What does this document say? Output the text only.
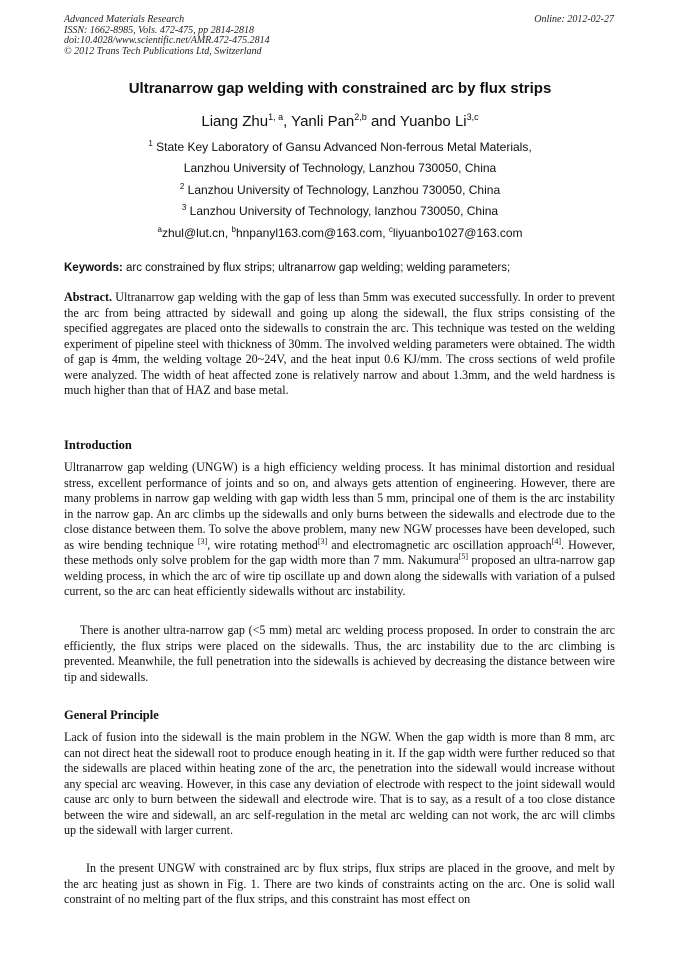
Advanced Materials Research
ISSN: 1662-8985, Vols. 472-475, pp 2814-2818
doi:10.4028/www.scientific.net/AMR.472-475.2814
© 2012 Trans Tech Publications Ltd, Switzerland
Online: 2012-02-27
Ultranarrow gap welding with constrained arc by flux strips
Liang Zhu$^{1, a}$, Yanli Pan$^{2,b}$ and Yuanbo Li$^{3,c}$
$^1$ State Key Laboratory of Gansu Advanced Non-ferrous Metal Materials,
Lanzhou University of Technology, Lanzhou 730050, China
$^2$ Lanzhou University of Technology, Lanzhou 730050, China
$^3$ Lanzhou University of Technology, lanzhou 730050, China
$^a$zhul@lut.cn, $^b$hnpanyl163.com@163.com, $^c$liyuanbo1027@163.com
Keywords: arc constrained by flux strips; ultranarrow gap welding; welding parameters;
Abstract. Ultranarrow gap welding with the gap of less than 5mm was executed successfully. In order to prevent the arc from being attracted by sidewall and going up along the sidewall, the flux strips consisting of the specified aggregates are placed onto the sidewalls to constrain the arc. This technique was tested on the welding experiment of pipeline steel with thickness of 30mm. The involved welding parameters were obtained. The width of gap is 4mm, the welding voltage 20~24V, and the heat input 0.6 KJ/mm. The cross sections of weld profile were analyzed. The width of heat affected zone is relatively narrow and about 1.3mm, and the weld hardness is much higher than that of HAZ and base metal.
Introduction
Ultranarrow gap welding (UNGW) is a high efficiency welding process. It has minimal distortion and residual stress, excellent performance of joints and so on, and always gets attention of engineering. However, there are many problems in narrow gap welding with gap width less than 5 mm, principal one of them is the arc instability in the narrow gap. An arc climbs up the sidewalls and only burns between the sidewalls and electrode due to the close distance between them. To solve the above problem, many new NGW processes have been developed, such as wire bending technique [3], wire rotating method[3] and electromagnetic arc oscillation approach[4]. However, these methods only solve problem for the gap width more than 7 mm. Nakumura[5] proposed an ultra-narrow gap welding process, in which the arc of wire tip oscillate up and down along the sidewalls with variation of a pulsed current, so the arc can heat efficiently sidewalls without arc instability.
There is another ultra-narrow gap (<5 mm) metal arc welding process proposed. In order to constrain the arc efficiently, the flux strips were placed on the sidewalls. Thus, the arc instability due to the arc climbing is prevented. Meanwhile, the full penetration into the sidewalls is achieved by decreasing the distance between wire tip and sidewalls.
General Principle
Lack of fusion into the sidewall is the main problem in the NGW. When the gap width is more than 8 mm, arc can not direct heat the sidewall root to produce enough heating in it. If the gap width were further reduced so that the sidewalls are placed within heating zone of the arc, the penetration into the sidewall would increase without any special arc weaving. However, in this case any deviation of electrode with respect to the joint sidewall would cause arc only to burn between the sidewall and electrode wire. That is to say, as a result of a too close distance between the wire and sidewall, an arc self-regulation in the metal arc welding can not work, the arc will climbs up the sidewall with larger current.
In the present UNGW with constrained arc by flux strips, flux strips are placed in the groove, and melt by the arc heating just as shown in Fig. 1. There are two kinds of constraints acting on the arc. One is solid wall constraint of no melting part of the flux strips, and this constraint has most effect on
